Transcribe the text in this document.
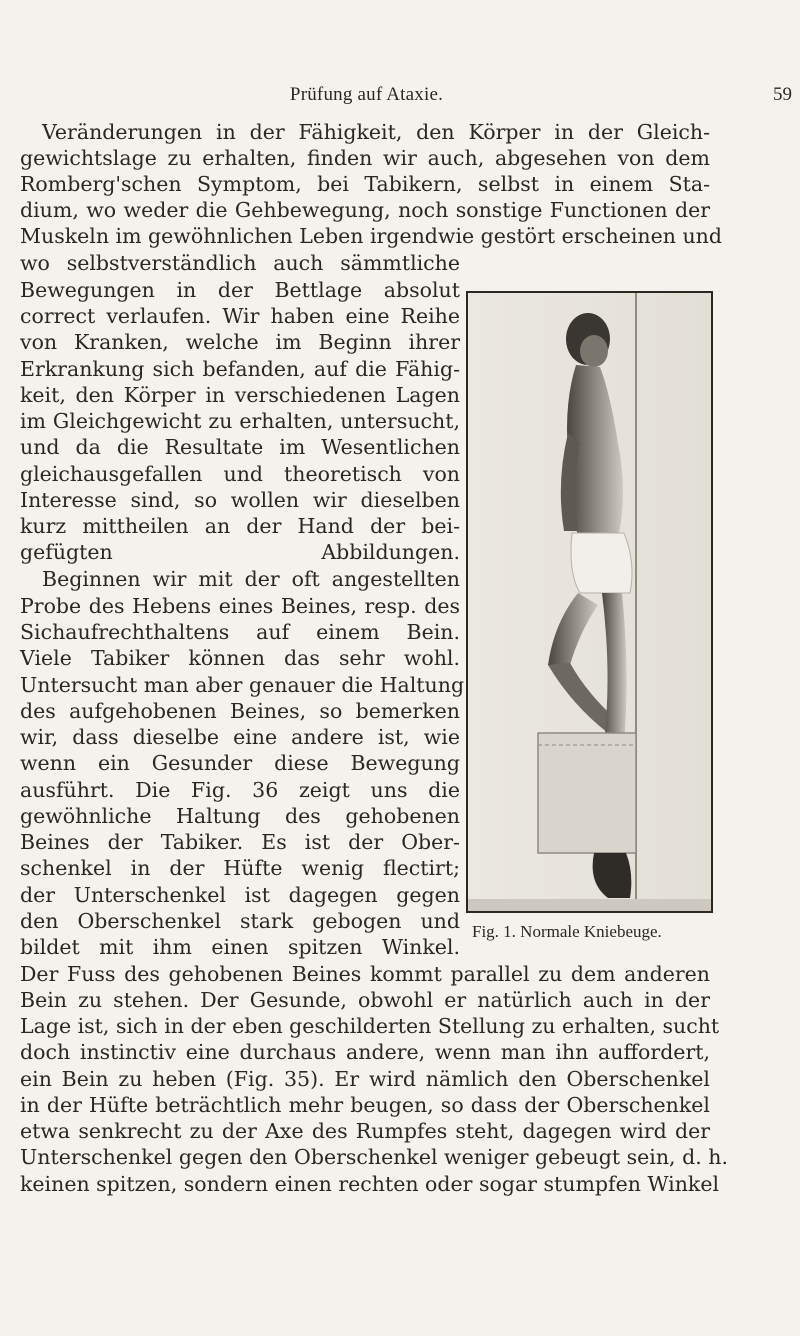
Prüfung auf Ataxie.	59
Veränderungen in der Fähigkeit, den Körper in der Gleich-
gewichtslage zu erhalten, finden wir auch, abgesehen von dem
Romberg'schen Symptom, bei Tabikern, selbst in einem Sta-
dium, wo weder die Gehbewegung, noch sonstige Functionen der
Muskeln im gewöhnlichen Leben irgendwie gestört erscheinen und
wo selbstverständlich auch sämmtliche
Bewegungen in der Bettlage absolut
correct verlaufen. Wir haben eine Reihe
von Kranken, welche im Beginn ihrer
Erkrankung sich befanden, auf die Fähig-
keit, den Körper in verschiedenen Lagen
im Gleichgewicht zu erhalten, untersucht,
und da die Resultate im Wesentlichen
gleichausgefallen und theoretisch von
Interesse sind, so wollen wir dieselben
kurz mittheilen an der Hand der bei-
gefügten Abbildungen.
Beginnen wir mit der oft angestellten
Probe des Hebens eines Beines, resp. des
Sichaufrechthaltens auf einem Bein.
Viele Tabiker können das sehr wohl.
Untersucht man aber genauer die Haltung
des aufgehobenen Beines, so bemerken
wir, dass dieselbe eine andere ist, wie
wenn ein Gesunder diese Bewegung
ausführt. Die Fig. 36 zeigt uns die
gewöhnliche Haltung des gehobenen
Beines der Tabiker. Es ist der Ober-
schenkel in der Hüfte wenig flectirt;
der Unterschenkel ist dagegen gegen
den Oberschenkel stark gebogen und
bildet mit ihm einen spitzen Winkel.
Der Fuss des gehobenen Beines kommt parallel zu dem anderen
Bein zu stehen. Der Gesunde, obwohl er natürlich auch in der
Lage ist, sich in der eben geschilderten Stellung zu erhalten, sucht
doch instinctiv eine durchaus andere, wenn man ihn auffordert,
ein Bein zu heben (Fig. 35). Er wird nämlich den Oberschenkel
in der Hüfte beträchtlich mehr beugen, so dass der Oberschenkel
etwa senkrecht zu der Axe des Rumpfes steht, dagegen wird der
Unterschenkel gegen den Oberschenkel weniger gebeugt sein, d. h.
keinen spitzen, sondern einen rechten oder sogar stumpfen Winkel
Fig. 1. Normale Kniebeuge.
